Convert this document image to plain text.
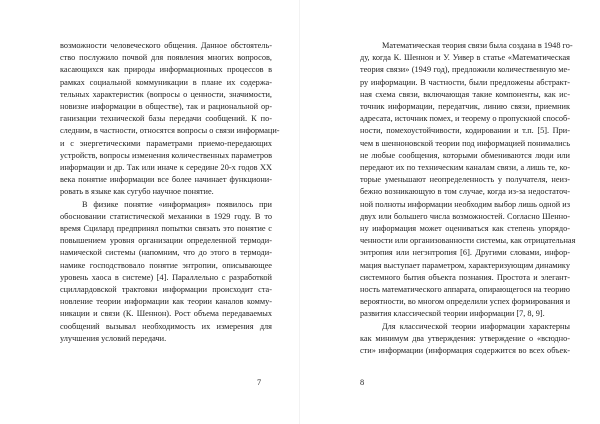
возможности человеческого общения. Данное обстоятель-
ство послужило почвой для появления многих вопросов,
касающихся как природы информационных процессов в
рамках социальной коммуникации в плане их содержа-
тельных характеристик (вопросы о ценности, значимости,
новизне информации в обществе), так и рациональной ор-
ганизации технической базы передачи сообщений. К по-
следним, в частности, относятся вопросы о связи информаци-
и с энергетическими параметрами приемо-передающих
устройств, вопросы изменения количественных параметров
информации и др. Так или иначе к середине 20-х годов XX
века понятие информации все более начинает функциони-
ровать в языке как сугубо научное понятие.

В физике понятие «информация» появилось при
обосновании статистической механики в 1929 году. В то
время Сцилард предпринял попытки связать это понятие с
повышением уровня организации определенной термоди-
намической системы (напомним, что до этого в термоди-
намике господствовало понятие энтропии, описывающее
уровень хаоса в системе) [4]. Параллельно с разработкой
сциллардовской трактовки информации происходит ста-
новление теории информации как теории каналов комму-
никации и связи (К. Шеннон). Рост объема передаваемых
сообщений вызывал необходимость их измерения для
улучшения условий передачи.

7

Математическая теория связи была создана в 1948 го-
ду, когда К. Шеннон и У. Уивер в статье «Математическая
теория связи» (1949 год), предложили количественную ме-
ру информации. В частности, были предложены абстракт-
ная схема связи, включающая такие компоненты, как ис-
точник информации, передатчик, линию связи, приемник
адресата, источник помех, и теорему о пропускной способ-
ности, помехоустойчивости, кодировании и т.п. [5]. При-
чем в шенноновской теории под информацией понимались
не любые сообщения, которыми обмениваются люди или
передают их по техническим каналам связи, а лишь те, ко-
торые уменьшают неопределенность у получателя, неиз-
бежно возникающую в том случае, когда из-за недостаточ-
ной полноты информации необходим выбор лишь одной из
двух или большего числа возможностей. Согласно Шенно-
ну информация может оцениваться как степень упорядо-
ченности или организованности системы, как отрицательная
энтропия или негэнтропия [6]. Другими словами, инфор-
мация выступает параметром, характеризующим динамику
системного бытия объекта познания. Простота и элегант-
ность математического аппарата, опирающегося на теорию
вероятности, во многом определили успех формирования и
развития классической теории информации [7, 8, 9].

Для классической теории информации характерны
как минимум два утверждения: утверждение о «всюдно-
сти» информации (информация содержится во всех объек-

8
